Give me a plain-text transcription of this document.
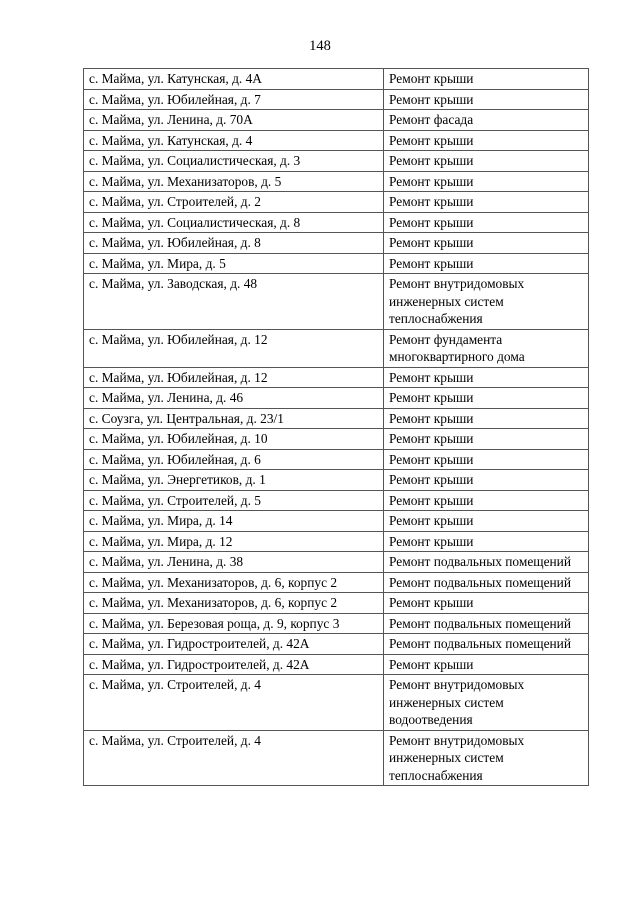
148
с. Майма, ул. Катунская, д. 4А	Ремонт крыши
с. Майма, ул. Юбилейная, д. 7	Ремонт крыши
с. Майма, ул. Ленина, д. 70А	Ремонт фасада
с. Майма, ул. Катунская, д. 4	Ремонт крыши
с. Майма, ул. Социалистическая, д. 3	Ремонт крыши
с. Майма, ул. Механизаторов, д. 5	Ремонт крыши
с. Майма, ул. Строителей, д. 2	Ремонт крыши
с. Майма, ул. Социалистическая, д. 8	Ремонт крыши
с. Майма, ул. Юбилейная, д. 8	Ремонт крыши
с. Майма, ул. Мира, д. 5	Ремонт крыши
с. Майма, ул. Заводская, д. 48	Ремонт внутридомовых инженерных систем теплоснабжения
с. Майма, ул. Юбилейная, д. 12	Ремонт фундамента многоквартирного дома
с. Майма, ул. Юбилейная, д. 12	Ремонт крыши
с. Майма, ул. Ленина, д. 46	Ремонт крыши
с. Соузга, ул. Центральная, д. 23/1	Ремонт крыши
с. Майма, ул. Юбилейная, д. 10	Ремонт крыши
с. Майма, ул. Юбилейная, д. 6	Ремонт крыши
с. Майма, ул. Энергетиков, д. 1	Ремонт крыши
с. Майма, ул. Строителей, д. 5	Ремонт крыши
с. Майма, ул. Мира, д. 14	Ремонт крыши
с. Майма, ул. Мира, д. 12	Ремонт крыши
с. Майма, ул. Ленина, д. 38	Ремонт подвальных помещений
с. Майма, ул. Механизаторов, д. 6, корпус 2	Ремонт подвальных помещений
с. Майма, ул. Механизаторов, д. 6, корпус 2	Ремонт крыши
с. Майма, ул. Березовая роща, д. 9, корпус 3	Ремонт подвальных помещений
с. Майма, ул. Гидростроителей, д. 42А	Ремонт подвальных помещений
с. Майма, ул. Гидростроителей, д. 42А	Ремонт крыши
с. Майма, ул. Строителей, д. 4	Ремонт внутридомовых инженерных систем водоотведения
с. Майма, ул. Строителей, д. 4	Ремонт внутридомовых инженерных систем теплоснабжения
